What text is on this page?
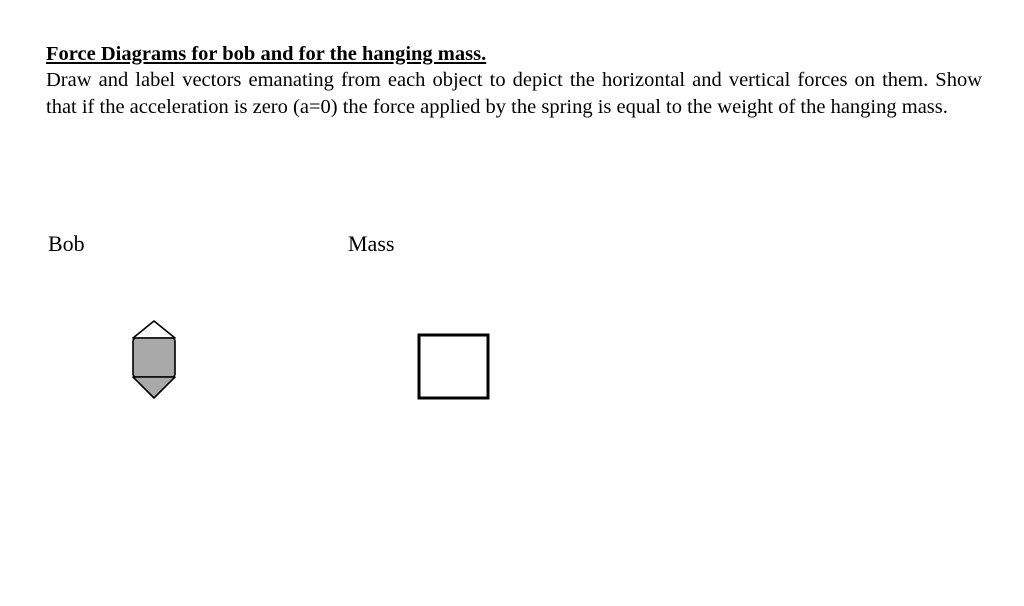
Force Diagrams for bob and for the hanging mass.

Draw and label vectors emanating from each object to depict the horizontal and vertical forces on them. Show that if the acceleration is zero (a=0) the force applied by the spring is equal to the weight of the hanging mass.

Bob	Mass
